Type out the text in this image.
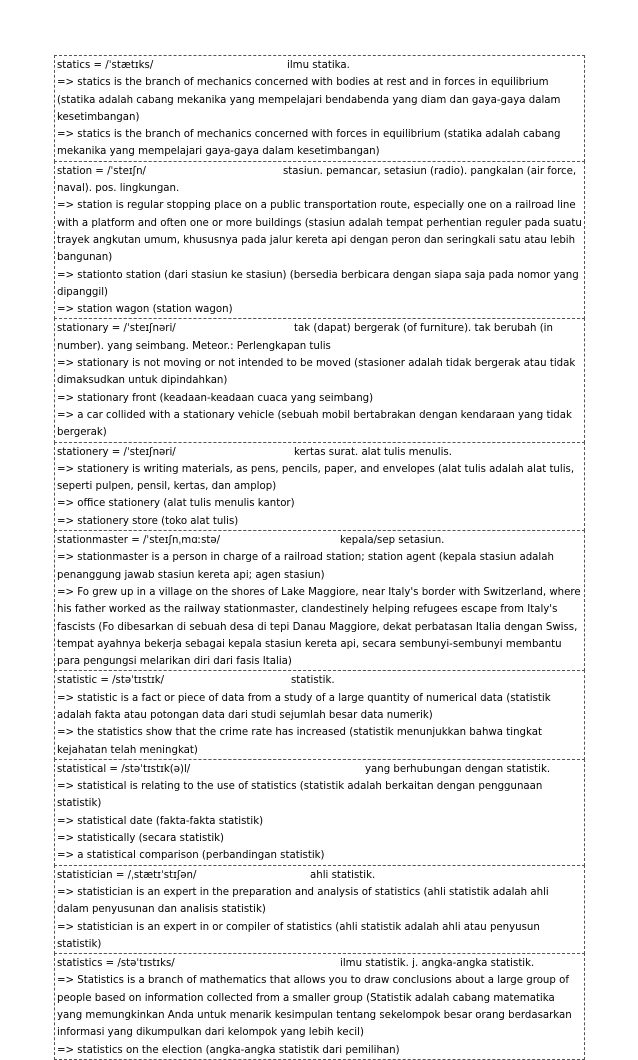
statics = /ˈstætɪks/	ilmu statika.
=> statics is the branch of mechanics concerned with bodies at rest and in forces in equilibrium (statika adalah cabang mekanika yang mempelajari bendabenda yang diam dan gaya-gaya dalam kesetimbangan)
=> statics is the branch of mechanics concerned with forces in equilibrium (statika adalah cabang mekanika yang mempelajari gaya-gaya dalam kesetimbangan)
station = /ˈsteɪʃn/	stasiun. pemancar, setasiun (radio). pangkalan (air force, naval). pos. lingkungan.
=> station is regular stopping place on a public transportation route, especially one on a railroad line with a platform and often one or more buildings (stasiun adalah tempat perhentian reguler pada suatu trayek angkutan umum, khususnya pada jalur kereta api dengan peron dan seringkali satu atau lebih bangunan)
=> stationto station (dari stasiun ke stasiun) (bersedia berbicara dengan siapa saja pada nomor yang dipanggil)
=> station wagon (station wagon)
stationary = /ˈsteɪʃnəri/	tak (dapat) bergerak (of furniture). tak berubah (in number). yang seimbang. Meteor.: Perlengkapan tulis
=> stationary is not moving or not intended to be moved (stasioner adalah tidak bergerak atau tidak dimaksudkan untuk dipindahkan)
=> stationary front (keadaan-keadaan cuaca yang seimbang)
=> a car collided with a stationary vehicle (sebuah mobil bertabrakan dengan kendaraan yang tidak bergerak)
stationery = /ˈsteɪʃnəri/	kertas surat. alat tulis menulis.
=> stationery is writing materials, as pens, pencils, paper, and envelopes (alat tulis adalah alat tulis, seperti pulpen, pensil, kertas, dan amplop)
=> office stationery (alat tulis menulis kantor)
=> stationery store (toko alat tulis)
stationmaster = /ˈsteɪʃnˌmɑːstə/	kepala/sep setasiun.
=> stationmaster is a person in charge of a railroad station; station agent (kepala stasiun adalah penanggung jawab stasiun kereta api; agen stasiun)
=> Fo grew up in a village on the shores of Lake Maggiore, near Italy's border with Switzerland, where his father worked as the railway stationmaster, clandestinely helping refugees escape from Italy's fascists (Fo dibesarkan di sebuah desa di tepi Danau Maggiore, dekat perbatasan Italia dengan Swiss, tempat ayahnya bekerja sebagai kepala stasiun kereta api, secara sembunyi-sembunyi membantu para pengungsi melarikan diri dari fasis Italia)
statistic = /stəˈtɪstɪk/	statistik.
=> statistic is a fact or piece of data from a study of a large quantity of numerical data (statistik adalah fakta atau potongan data dari studi sejumlah besar data numerik)
=> the statistics show that the crime rate has increased (statistik menunjukkan bahwa tingkat kejahatan telah meningkat)
statistical = /stəˈtɪstɪk(ə)l/	yang berhubungan dengan statistik.
=> statistical is relating to the use of statistics (statistik adalah berkaitan dengan penggunaan statistik)
=> statistical date (fakta-fakta statistik)
=> statistically (secara statistik)
=> a statistical comparison (perbandingan statistik)
statistician = /ˌstætɪˈstɪʃən/	ahli statistik.
=> statistician is an expert in the preparation and analysis of statistics (ahli statistik adalah ahli dalam penyusunan dan analisis statistik)
=> statistician is an expert in or compiler of statistics (ahli statistik adalah ahli atau penyusun statistik)
statistics = /stəˈtɪstɪks/	ilmu statistik. j. angka-angka statistik.
=> Statistics is a branch of mathematics that allows you to draw conclusions about a large group of people based on information collected from a smaller group (Statistik adalah cabang matematika yang memungkinkan Anda untuk menarik kesimpulan tentang sekelompok besar orang berdasarkan informasi yang dikumpulkan dari kelompok yang lebih kecil)
=> statistics on the election (angka-angka statistik dari pemilihan)
